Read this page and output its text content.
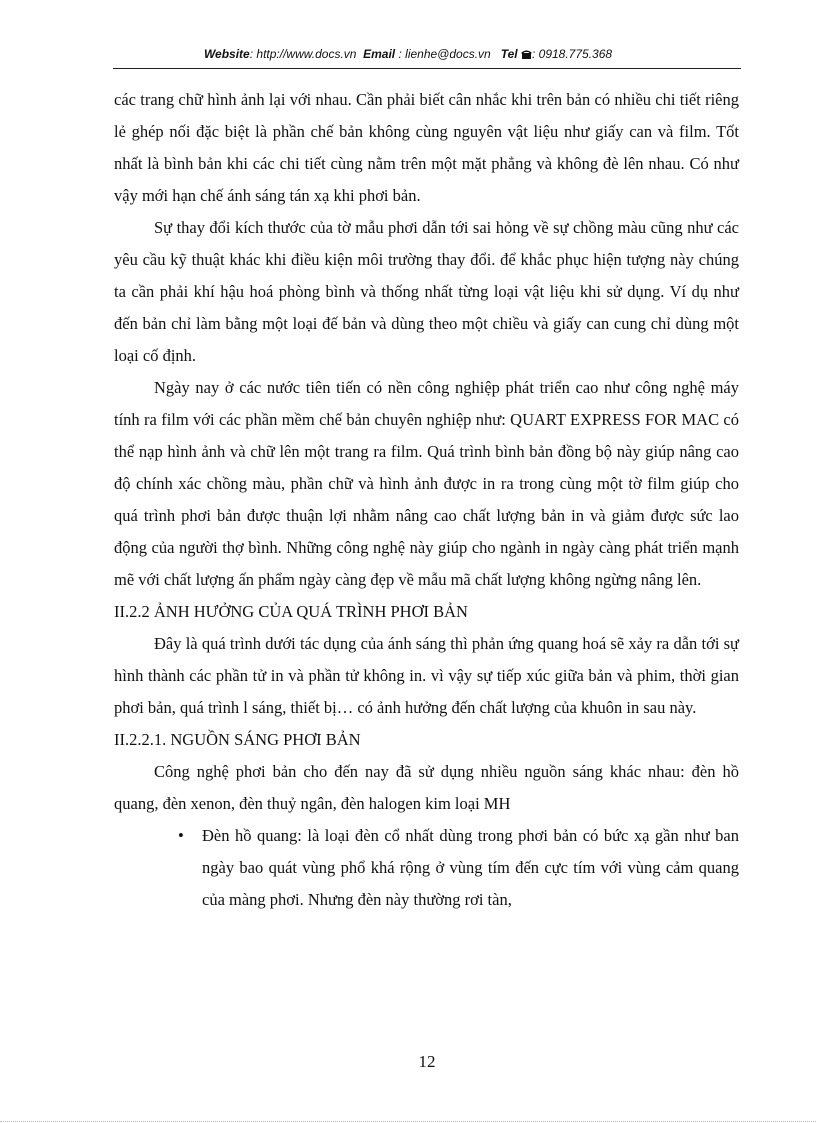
Website: http://www.docs.vn Email : lienhe@docs.vn Tel : 0918.775.368

các trang chữ hình ảnh lại với nhau. Cần phải biết cân nhắc khi trên bản có nhiều chi tiết riêng lẻ ghép nối đặc biệt là phần chế bản không cùng nguyên vật liệu như giấy can và film. Tốt nhất là bình bản khi các chi tiết cùng nằm trên một mặt phẳng và không đè lên nhau. Có như vậy mới hạn chế ánh sáng tán xạ khi phơi bản.

Sự thay đổi kích thước của tờ mẫu phơi dẫn tới sai hỏng về sự chồng màu cũng như các yêu cầu kỹ thuật khác khi điều kiện môi trường thay đổi. để khắc phục hiện tượng này chúng ta cần phải khí hậu hoá phòng bình và thống nhất từng loại vật liệu khi sử dụng. Ví dụ như đến bản chỉ làm bằng một loại đế bản và dùng theo một chiều và giấy can cung chỉ dùng một loại cố định.

Ngày nay ở các nước tiên tiến có nền công nghiệp phát triển cao như công nghệ máy tính ra film với các phần mềm chế bản chuyên nghiệp như: QUART EXPRESS FOR MAC có thể nạp hình ảnh và chữ lên một trang ra film. Quá trình bình bản đồng bộ này giúp nâng cao độ chính xác chồng màu, phần chữ và hình ảnh được in ra trong cùng một tờ film giúp cho quá trình phơi bản được thuận lợi nhằm nâng cao chất lượng bản in và giảm được sức lao động của người thợ bình. Những công nghệ này giúp cho ngành in ngày càng phát triển mạnh mẽ với chất lượng ấn phẩm ngày càng đẹp về mẫu mã chất lượng không ngừng nâng lên.

II.2.2 ẢNH HƯỞNG CỦA QUÁ TRÌNH PHƠI BẢN

Đây là quá trình dưới tác dụng của ánh sáng thì phản ứng quang hoá sẽ xảy ra dẫn tới sự hình thành các phần tử in và phần tử không in. vì vậy sự tiếp xúc giữa bản và phim, thời gian phơi bản, quá trình l sáng, thiết bị… có ảnh hưởng đến chất lượng của khuôn in sau này.

II.2.2.1. NGUỒN SÁNG PHƠI BẢN

Công nghệ phơi bản cho đến nay đã sử dụng nhiều nguồn sáng khác nhau: đèn hồ quang, đèn xenon, đèn thuỷ ngân, đèn halogen kim loại MH

• Đèn hồ quang: là loại đèn cổ nhất dùng trong phơi bản có bức xạ gần như ban ngày bao quát vùng phổ khá rộng ở vùng tím đến cực tím với vùng cảm quang của màng phơi. Nhưng đèn này thường rơi tàn,
12
